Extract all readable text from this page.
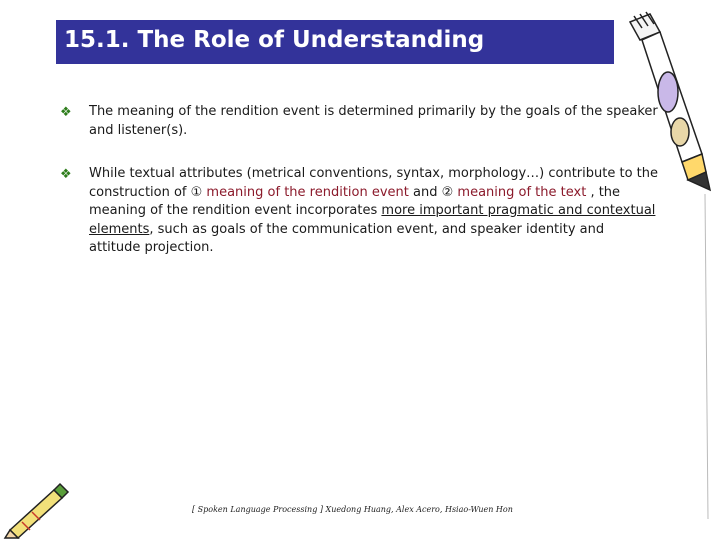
15.1. The Role of Understanding
❖ The meaning of the rendition event is determined primarily by the goals of the speaker and listener(s).
❖ While textual attributes (metrical conventions, syntax, morphology…) contribute to the construction of ① meaning of the rendition event and ② meaning of the text , the meaning of the rendition event incorporates more important pragmatic and contextual elements, such as goals of the communication event, and speaker identity and attitude projection.
[ Spoken Language Processing ] Xuedong Huang, Alex Acero, Hsiao-Wuen Hon
